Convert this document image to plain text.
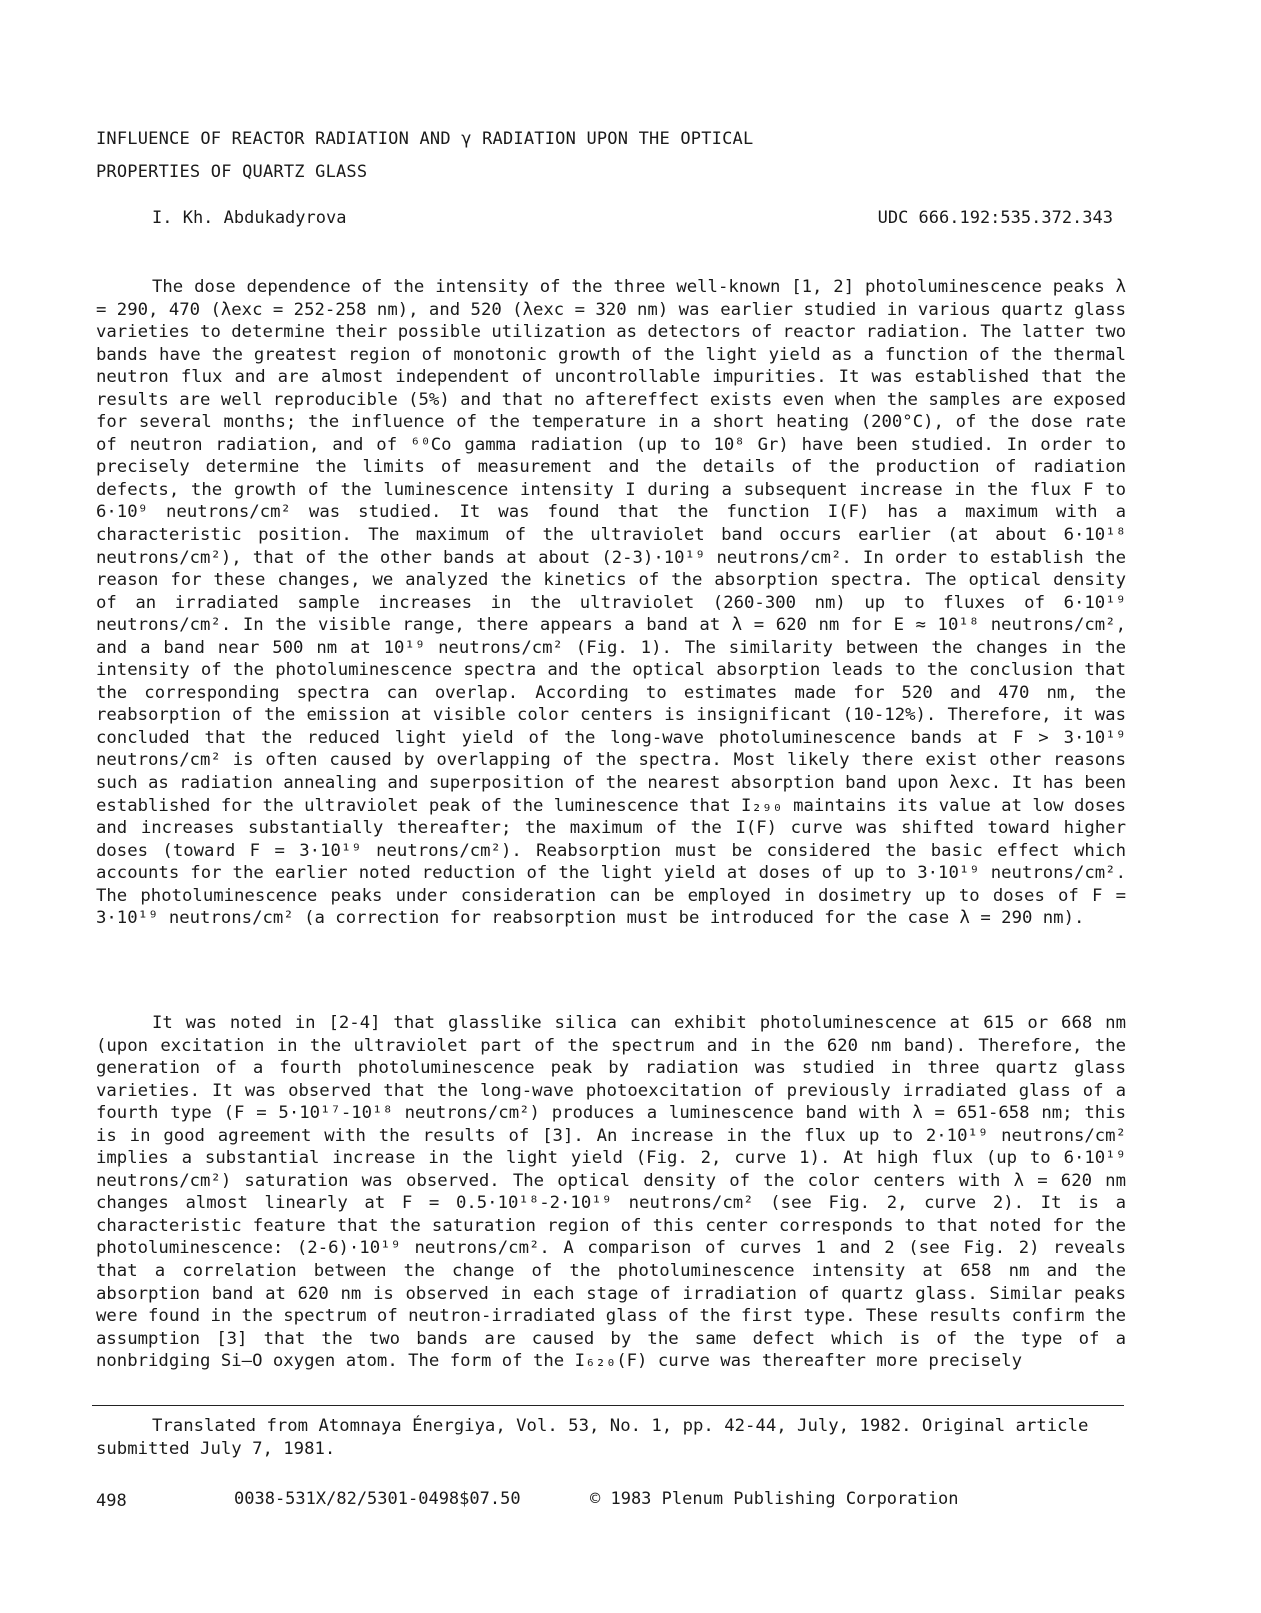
INFLUENCE OF REACTOR RADIATION AND γ RADIATION UPON THE OPTICAL
PROPERTIES OF QUARTZ GLASS
I. Kh. Abdukadyrova	UDC 666.192:535.372.343

The dose dependence of the intensity of the three well-known [1, 2] photoluminescence peaks λ = 290, 470 (λexc = 252-258 nm), and 520 (λexc = 320 nm) was earlier studied in various quartz glass varieties to determine their possible utilization as detectors of reactor radiation. The latter two bands have the greatest region of monotonic growth of the light yield as a function of the thermal neutron flux and are almost independent of uncontrollable impurities. It was established that the results are well reproducible (5%) and that no aftereffect exists even when the samples are exposed for several months; the influence of the temperature in a short heating (200°C), of the dose rate of neutron radiation, and of ⁶⁰Co gamma radiation (up to 10⁸ Gr) have been studied. In order to precisely determine the limits of measurement and the details of the production of radiation defects, the growth of the luminescence intensity I during a subsequent increase in the flux F to 6·10⁹ neutrons/cm² was studied. It was found that the function I(F) has a maximum with a characteristic position. The maximum of the ultraviolet band occurs earlier (at about 6·10¹⁸ neutrons/cm²), that of the other bands at about (2-3)·10¹⁹ neutrons/cm². In order to establish the reason for these changes, we analyzed the kinetics of the absorption spectra. The optical density of an irradiated sample increases in the ultraviolet (260-300 nm) up to fluxes of 6·10¹⁹ neutrons/cm². In the visible range, there appears a band at λ = 620 nm for E ≈ 10¹⁸ neutrons/cm², and a band near 500 nm at 10¹⁹ neutrons/cm² (Fig. 1). The similarity between the changes in the intensity of the photoluminescence spectra and the optical absorption leads to the conclusion that the corresponding spectra can overlap. According to estimates made for 520 and 470 nm, the reabsorption of the emission at visible color centers is insignificant (10-12%). Therefore, it was concluded that the reduced light yield of the long-wave photoluminescence bands at F > 3·10¹⁹ neutrons/cm² is often caused by overlapping of the spectra. Most likely there exist other reasons such as radiation annealing and superposition of the nearest absorption band upon λexc. It has been established for the ultraviolet peak of the luminescence that I₂₉₀ maintains its value at low doses and increases substantially thereafter; the maximum of the I(F) curve was shifted toward higher doses (toward F = 3·10¹⁹ neutrons/cm²). Reabsorption must be considered the basic effect which accounts for the earlier noted reduction of the light yield at doses of up to 3·10¹⁹ neutrons/cm². The photoluminescence peaks under consideration can be employed in dosimetry up to doses of F = 3·10¹⁹ neutrons/cm² (a correction for reabsorption must be introduced for the case λ = 290 nm).

It was noted in [2-4] that glasslike silica can exhibit photoluminescence at 615 or 668 nm (upon excitation in the ultraviolet part of the spectrum and in the 620 nm band). Therefore, the generation of a fourth photoluminescence peak by radiation was studied in three quartz glass varieties. It was observed that the long-wave photoexcitation of previously irradiated glass of a fourth type (F = 5·10¹⁷-10¹⁸ neutrons/cm²) produces a luminescence band with λ = 651-658 nm; this is in good agreement with the results of [3]. An increase in the flux up to 2·10¹⁹ neutrons/cm² implies a substantial increase in the light yield (Fig. 2, curve 1). At high flux (up to 6·10¹⁹ neutrons/cm²) saturation was observed. The optical density of the color centers with λ = 620 nm changes almost linearly at F = 0.5·10¹⁸-2·10¹⁹ neutrons/cm² (see Fig. 2, curve 2). It is a characteristic feature that the saturation region of this center corresponds to that noted for the photoluminescence: (2-6)·10¹⁹ neutrons/cm². A comparison of curves 1 and 2 (see Fig. 2) reveals that a correlation between the change of the photoluminescence intensity at 658 nm and the absorption band at 620 nm is observed in each stage of irradiation of quartz glass. Similar peaks were found in the spectrum of neutron-irradiated glass of the first type. These results confirm the assumption [3] that the two bands are caused by the same defect which is of the type of a nonbridging Si—O oxygen atom. The form of the I₆₂₀(F) curve was thereafter more precisely

Translated from Atomnaya Énergiya, Vol. 53, No. 1, pp. 42-44, July, 1982. Original article submitted July 7, 1981.

498	0038-531X/82/5301-0498$07.50	© 1983 Plenum Publishing Corporation
